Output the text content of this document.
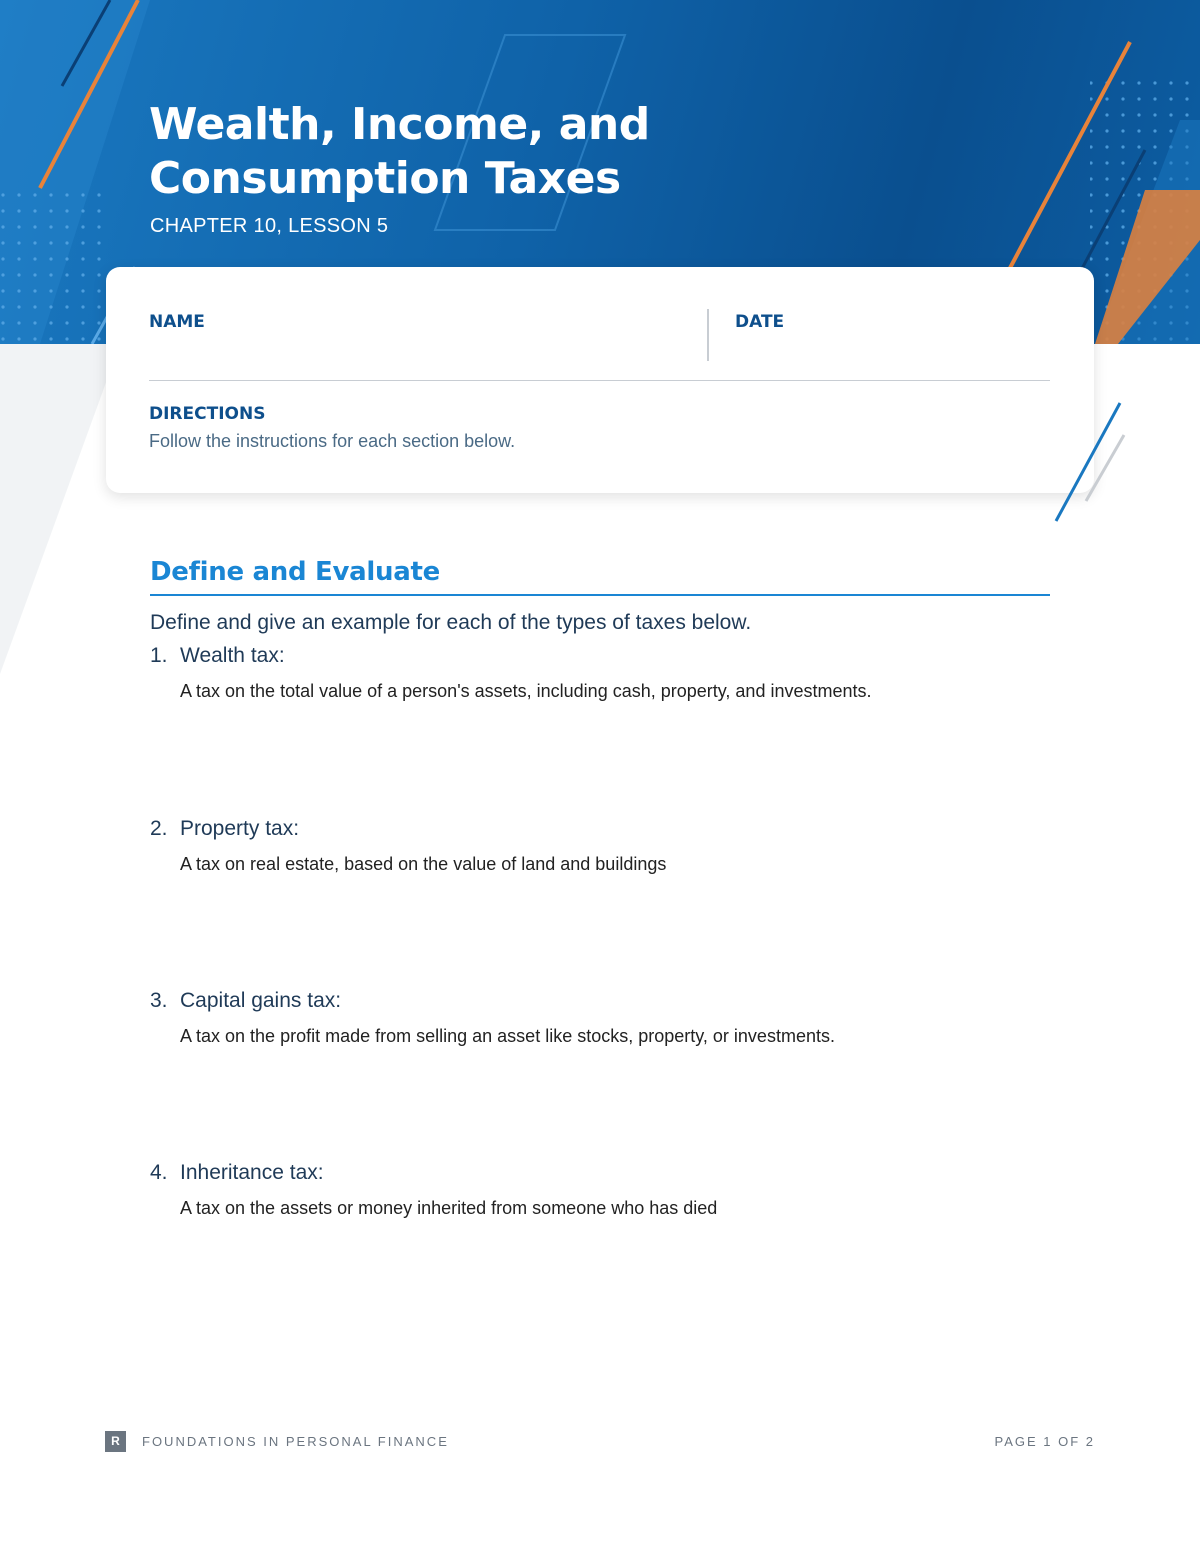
Wealth, Income, and
Consumption Taxes
CHAPTER 10, LESSON 5
NAME	DATE
DIRECTIONS
Follow the instructions for each section below.
Define and Evaluate
Define and give an example for each of the types of taxes below.
1. Wealth tax:
A tax on the total value of a person's assets, including cash, property, and investments.
2. Property tax:
A tax on real estate, based on the value of land and buildings
3. Capital gains tax:
A tax on the profit made from selling an asset like stocks, property, or investments.
4. Inheritance tax:
A tax on the assets or money inherited from someone who has died
R	FOUNDATIONS IN PERSONAL FINANCE	PAGE 1 OF 2
